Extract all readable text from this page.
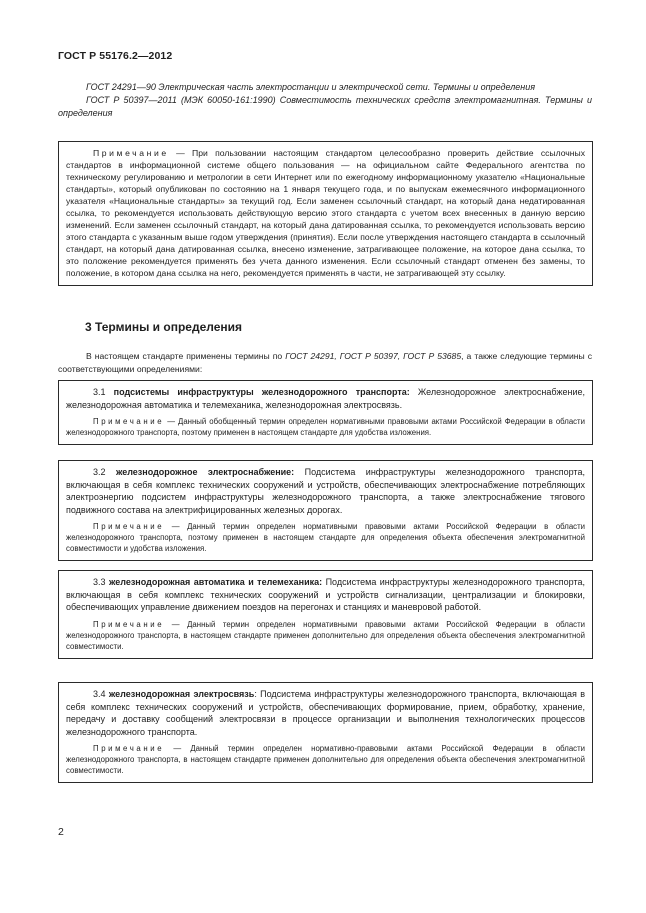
ГОСТ Р 55176.2—2012

ГОСТ 24291—90 Электрическая часть электростанции и электрической сети. Термины и определения

ГОСТ Р 50397—2011 (МЭК 60050-161:1990) Совместимость технических средств электромагнитная. Термины и определения

Примечание — При пользовании настоящим стандартом целесообразно проверить действие ссылочных стандартов в информационной системе общего пользования — на официальном сайте Федерального агентства по техническому регулированию и метрологии в сети Интернет или по ежегодному информационному указателю «Национальные стандарты», который опубликован по состоянию на 1 января текущего года, и по выпускам ежемесячного информационного указателя «Национальные стандарты» за текущий год. Если заменен ссылочный стандарт, на который дана недатированная ссылка, то рекомендуется использовать действующую версию этого стандарта с учетом всех внесенных в данную версию изменений. Если заменен ссылочный стандарт, на который дана датированная ссылка, то рекомендуется использовать версию этого стандарта с указанным выше годом утверждения (принятия). Если после утверждения настоящего стандарта в ссылочный стандарт, на который дана датированная ссылка, внесено изменение, затрагивающее положение, на которое дана ссылка, то это положение рекомендуется применять без учета данного изменения. Если ссылочный стандарт отменен без замены, то положение, в котором дана ссылка на него, рекомендуется применять в части, не затрагивающей эту ссылку.

3 Термины и определения

В настоящем стандарте применены термины по ГОСТ 24291, ГОСТ Р 50397, ГОСТ Р 53685, а также следующие термины с соответствующими определениями:

3.1 подсистемы инфраструктуры железнодорожного транспорта: Железнодорожное электроснабжение, железнодорожная автоматика и телемеханика, железнодорожная электросвязь.

Примечание — Данный обобщенный термин определен нормативными правовыми актами Российской Федерации в области железнодорожного транспорта, поэтому применен в настоящем стандарте для удобства изложения.

3.2 железнодорожное электроснабжение: Подсистема инфраструктуры железнодорожного транспорта, включающая в себя комплекс технических сооружений и устройств, обеспечивающих электроснабжение потребляющих электроэнергию подсистем инфраструктуры железнодорожного транспорта, а также электроснабжение тягового подвижного состава на электрифицированных железных дорогах.

Примечание — Данный термин определен нормативными правовыми актами Российской Федерации в области железнодорожного транспорта, поэтому применен в настоящем стандарте для определения объекта обеспечения электромагнитной совместимости и удобства изложения.

3.3 железнодорожная автоматика и телемеханика: Подсистема инфраструктуры железнодорожного транспорта, включающая в себя комплекс технических сооружений и устройств сигнализации, централизации и блокировки, обеспечивающих управление движением поездов на перегонах и станциях и маневровой работой.

Примечание — Данный термин определен нормативными правовыми актами Российской Федерации в области железнодорожного транспорта, в настоящем стандарте применен дополнительно для определения объекта обеспечения электромагнитной совместимости.

3.4 железнодорожная электросвязь: Подсистема инфраструктуры железнодорожного транспорта, включающая в себя комплекс технических сооружений и устройств, обеспечивающих формирование, прием, обработку, хранение, передачу и доставку сообщений электросвязи в процессе организации и выполнения технологических процессов железнодорожного транспорта.

Примечание — Данный термин определен нормативно-правовыми актами Российской Федерации в области железнодорожного транспорта, в настоящем стандарте применен дополнительно для определения объекта обеспечения электромагнитной совместимости.

2
